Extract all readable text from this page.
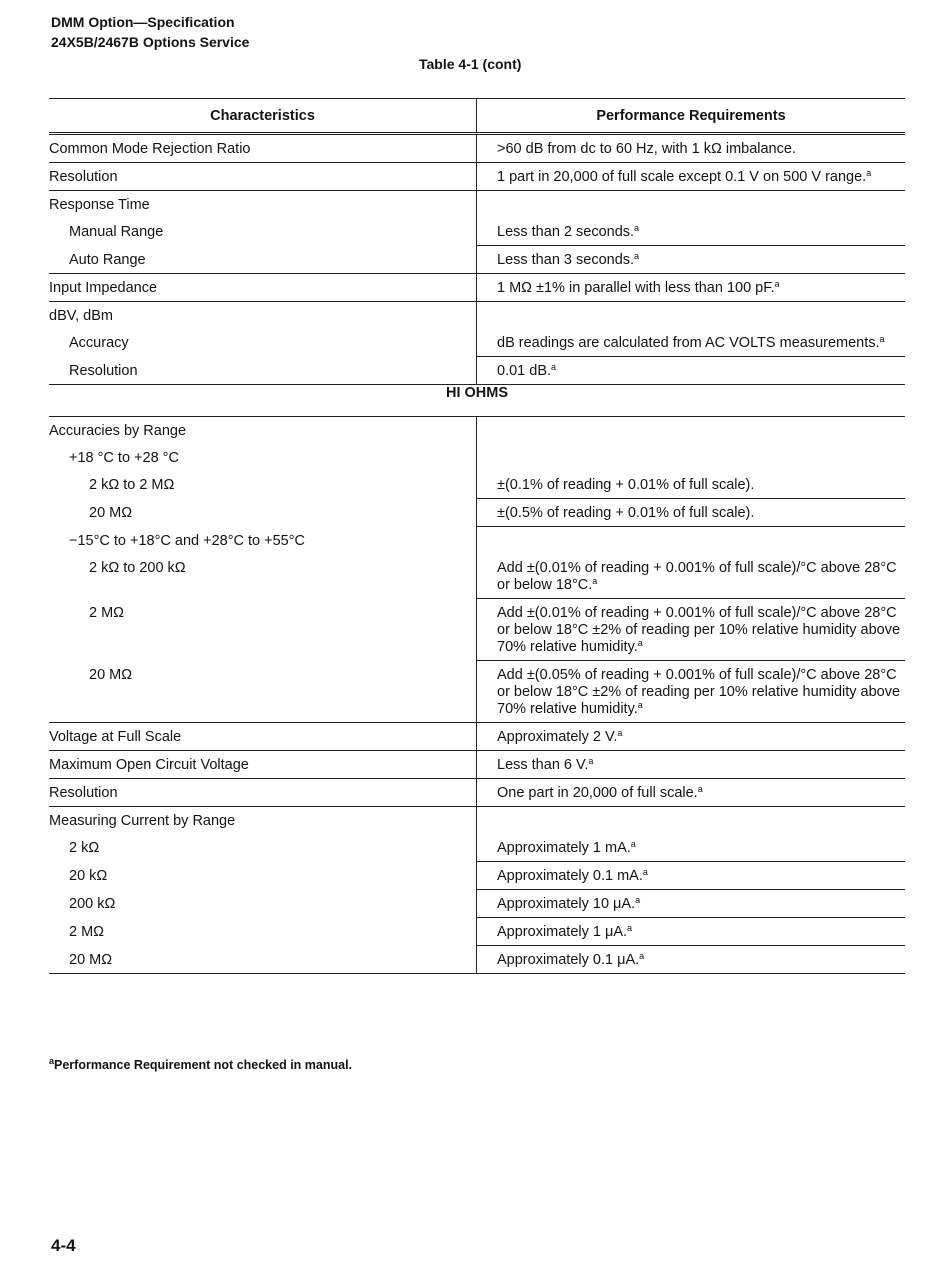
DMM Option—Specification
24X5B/2467B Options Service
Table 4-1 (cont)
Characteristics	Performance Requirements

Common Mode Rejection Ratio	>60 dB from dc to 60 Hz, with 1 kΩ imbalance.

Resolution	1 part in 20,000 of full scale except 0.1 V on 500 V range.$^a$

Response Time	

Manual Range	Less than 2 seconds.$^a$

Auto Range	Less than 3 seconds.$^a$

Input Impedance	1 MΩ ±1% in parallel with less than 100 pF.$^a$

dBV, dBm	

Accuracy	dB readings are calculated from AC VOLTS measurements.$^a$

Resolution	0.01 dB.$^a$

HI OHMS	

Accuracies by Range	

+18 °C to +28 °C	

2 kΩ to 2 MΩ	±(0.1% of reading + 0.01% of full scale).

20 MΩ	±(0.5% of reading + 0.01% of full scale).

−15°C to +18°C and +28°C to +55°C	

2 kΩ to 200 kΩ	Add ±(0.01% of reading + 0.001% of full scale)/°C above 28°C or below 18°C.$^a$

2 MΩ	Add ±(0.01% of reading + 0.001% of full scale)/°C above 28°C or below 18°C ±2% of reading per 10% relative humidity above 70% relative humidity.$^a$

20 MΩ	Add ±(0.05% of reading + 0.001% of full scale)/°C above 28°C or below 18°C ±2% of reading per 10% relative humidity above 70% relative humidity.$^a$

Voltage at Full Scale	Approximately 2 V.$^a$

Maximum Open Circuit Voltage	Less than 6 V.$^a$

Resolution	One part in 20,000 of full scale.$^a$

Measuring Current by Range	

2 kΩ	Approximately 1 mA.$^a$

20 kΩ	Approximately 0.1 mA.$^a$

200 kΩ	Approximately 10 μA.$^a$

2 MΩ	Approximately 1 μA.$^a$

20 MΩ	Approximately 0.1 μA.$^a$
$^a$Performance Requirement not checked in manual.
4-4
